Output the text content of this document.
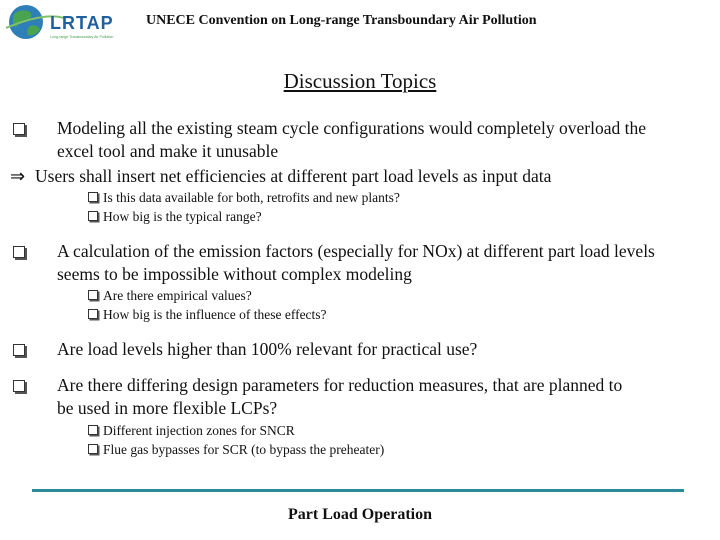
LRTAP
Long-range Transboundary Air Pollution
UNECE Convention on Long-range Transboundary Air Pollution
Discussion Topics
Modeling all the existing steam cycle configurations would completely overload the excel tool and make it unusable
⇒ Users shall insert net efficiencies at different part load levels as input data
Is this data available for both, retrofits and new plants?
How big is the typical range?
A calculation of the emission factors (especially for NOx) at different part load levels seems to be impossible without complex modeling
Are there empirical values?
How big is the influence of these effects?
Are load levels higher than 100% relevant for practical use?
Are there differing design parameters for reduction measures, that are planned to be used in more flexible LCPs?
Different injection zones for SNCR
Flue gas bypasses for SCR (to bypass the preheater)
Part Load Operation
